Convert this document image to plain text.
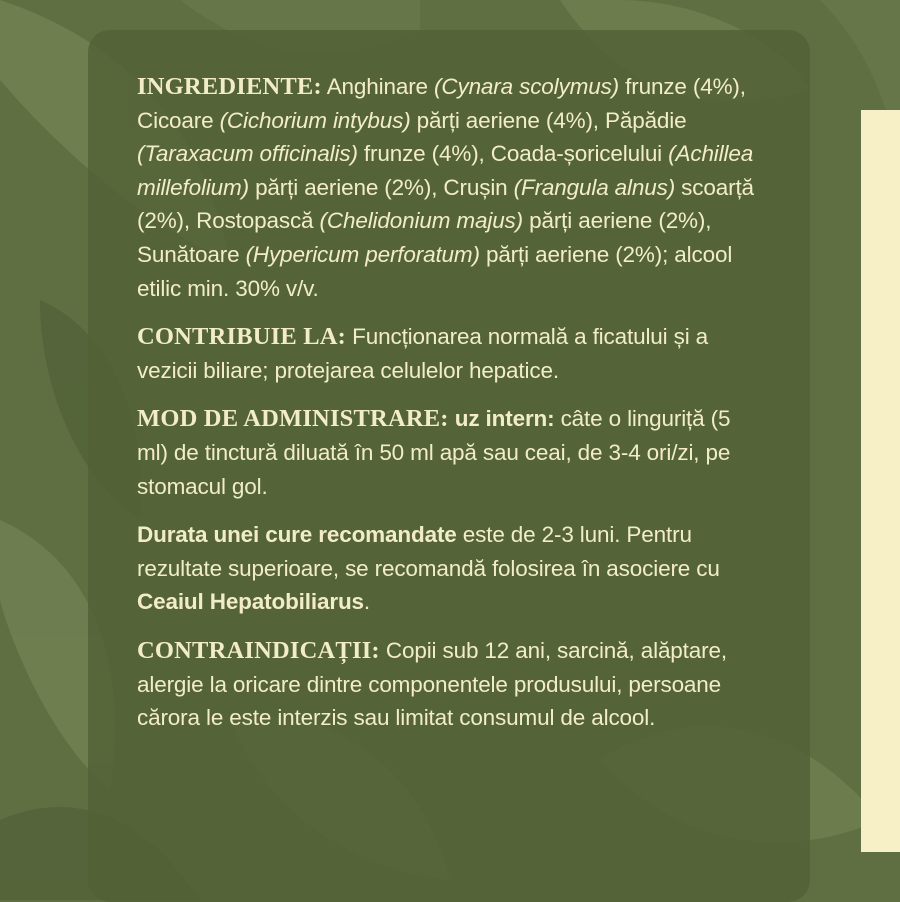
INGREDIENTE: Anghinare (Cynara scolymus) frunze (4%), Cicoare (Cichorium intybus) părți aeriene (4%), Păpădie (Taraxacum officinalis) frunze (4%), Coada-șoricelului (Achillea millefolium) părți aeriene (2%), Crușin (Frangula alnus) scoarță (2%), Rostopască (Chelidonium majus) părți aeriene (2%), Sunătoare (Hypericum perforatum) părți aeriene (2%); alcool etilic min. 30% v/v.

CONTRIBUIE LA: Funcționarea normală a ficatului și a vezicii biliare; protejarea celulelor hepatice.

MOD DE ADMINISTRARE: uz intern: câte o linguriță (5 ml) de tinctură diluată în 50 ml apă sau ceai, de 3-4 ori/zi, pe stomacul gol.

Durata unei cure recomandate este de 2-3 luni. Pentru rezultate superioare, se recomandă folosirea în asociere cu Ceaiul Hepatobiliarus.

CONTRAINDICAȚII: Copii sub 12 ani, sarcină, alăptare, alergie la oricare dintre componentele produsului, persoane cărora le este interzis sau limitat consumul de alcool.
